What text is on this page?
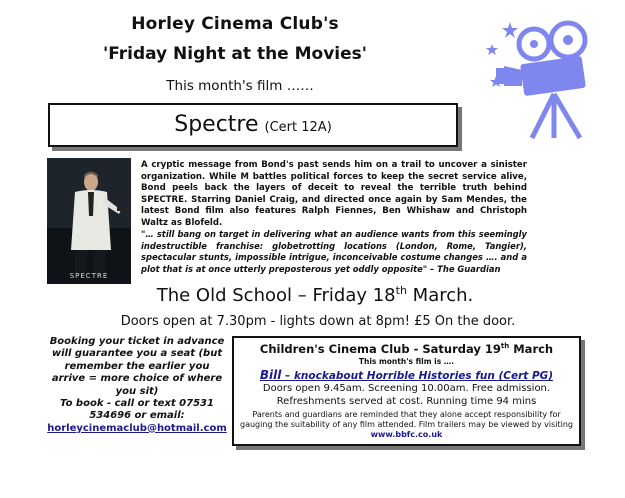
Horley Cinema Club's
'Friday Night at the Movies'
This month's film ……
Spectre (Cert 12A)
SPECTRE
A cryptic message from Bond's past sends him on a trail to uncover a sinister organization. While M battles political forces to keep the secret service alive, Bond peels back the layers of deceit to reveal the terrible truth behind SPECTRE. Starring Daniel Craig, and directed once again by Sam Mendes, the latest Bond film also features Ralph Fiennes, Ben Whishaw and Christoph Waltz as Blofeld.
"… still bang on target in delivering what an audience wants from this seemingly indestructible franchise: globetrotting locations (London, Rome, Tangier), spectacular stunts, impossible intrigue, inconceivable costume changes …. and a plot that is at once utterly preposterous yet oddly opposite" – The Guardian
The Old School – Friday 18th March.
Doors open at 7.30pm - lights down at 8pm! £5 On the door.
Booking your ticket in advance will guarantee you a seat (but remember the earlier you arrive = more choice of where you sit)
To book - call or text 07531 534696 or email:
horleycinemaclub@hotmail.com
Children's Cinema Club - Saturday 19th March
This month's film is ….
Bill – knockabout Horrible Histories fun (Cert PG)
Doors open 9.45am. Screening 10.00am. Free admission.
Refreshments served at cost. Running time 94 mins
Parents and guardians are reminded that they alone accept responsibility for gauging the suitability of any film attended. Film trailers may be viewed by visiting www.bbfc.co.uk
